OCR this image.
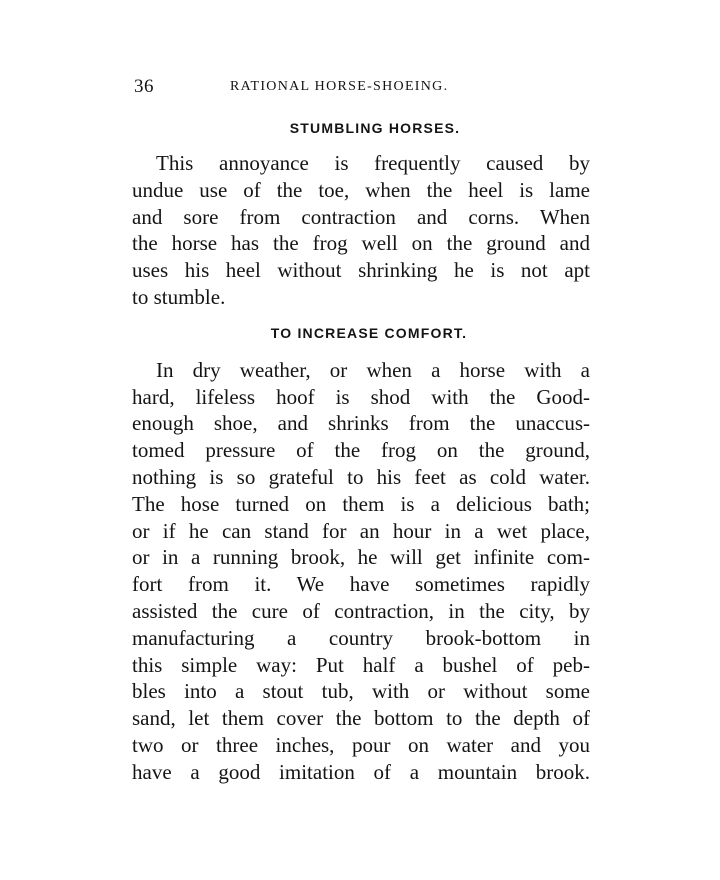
36	RATIONAL HORSE-SHOEING.
STUMBLING HORSES.
This annoyance is frequently caused by
undue use of the toe, when the heel is lame
and sore from contraction and corns. When
the horse has the frog well on the ground and
uses his heel without shrinking he is not apt
to stumble.
TO INCREASE COMFORT.
In dry weather, or when a horse with a
hard, lifeless hoof is shod with the Good-
enough shoe, and shrinks from the unaccus-
tomed pressure of the frog on the ground,
nothing is so grateful to his feet as cold water.
The hose turned on them is a delicious bath;
or if he can stand for an hour in a wet place,
or in a running brook, he will get infinite com-
fort from it. We have sometimes rapidly
assisted the cure of contraction, in the city, by
manufacturing a country brook-bottom in
this simple way: Put half a bushel of peb-
bles into a stout tub, with or without some
sand, let them cover the bottom to the depth of
two or three inches, pour on water and you
have a good imitation of a mountain brook.
